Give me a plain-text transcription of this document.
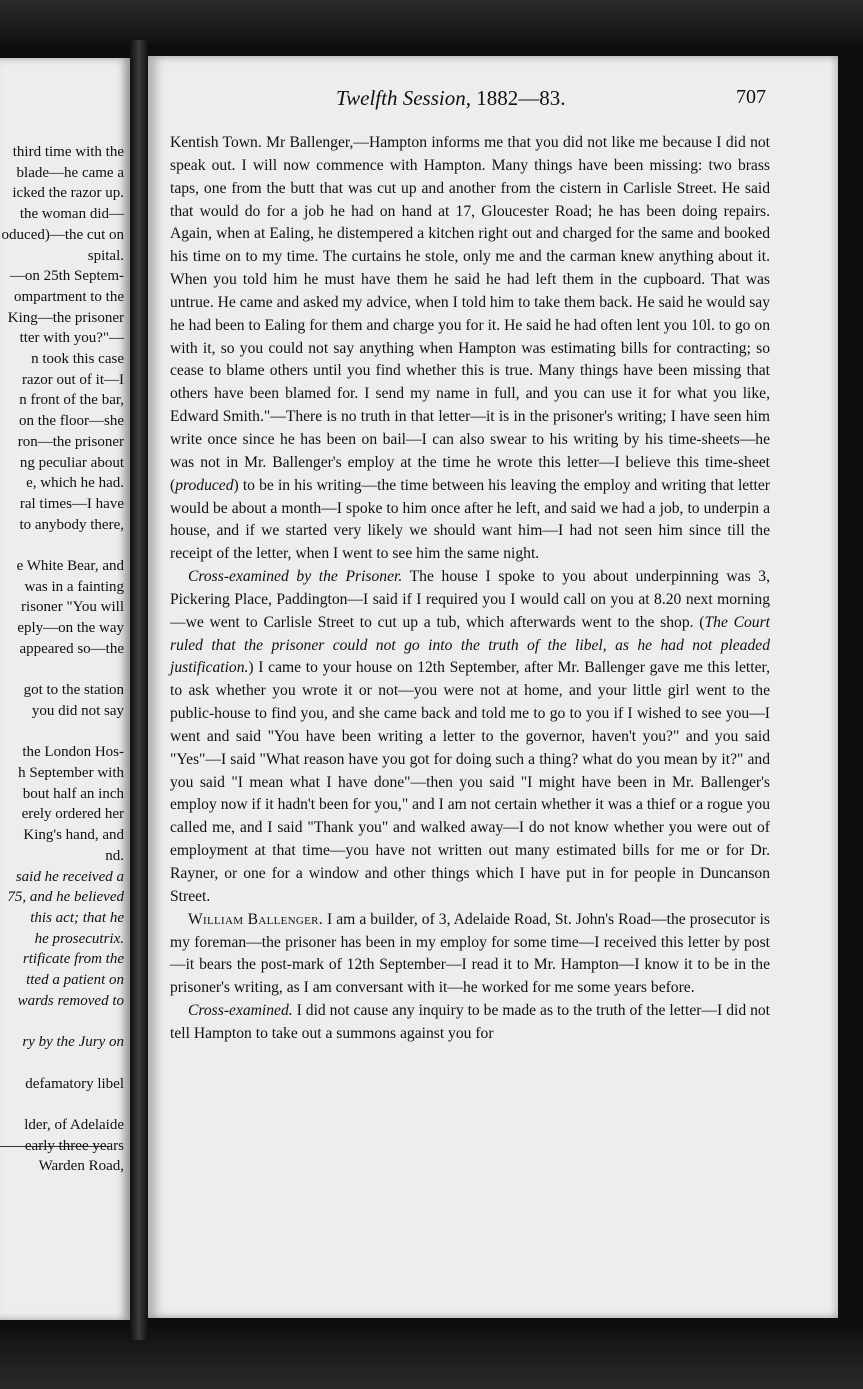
third time with the
blade—he came a
icked the razor up.
the woman did—
oduced)—the cut on
spital.
—on 25th Septem-
ompartment to the
King—the prisoner
tter with you?"—
n took this case
razor out of it—I
n front of the bar,
on the floor—she
ron—the prisoner
ng peculiar about
e, which he had.
ral times—I have
to anybody there,
e White Bear, and
was in a fainting
risoner "You will
eply—on the way
appeared so—the
got to the station
you did not say
the London Hos-
h September with
bout half an inch
erely ordered her
King's hand, and
nd.
said he received a
75, and he believed
this act; that he
he prosecutrix.
rtificate from the
tted a patient on
wards removed to
ry by the Jury on
defamatory libel
lder, of Adelaide
early three years
Warden Road,
Twelfth Session, 1882—83.	707

Kentish Town. Mr Ballenger,—Hampton informs me that you did not like me because I did not speak out. I will now commence with Hampton. Many things have been missing: two brass taps, one from the butt that was cut up and another from the cistern in Carlisle Street. He said that would do for a job he had on hand at 17, Gloucester Road; he has been doing repairs. Again, when at Ealing, he distempered a kitchen right out and charged for the same and booked his time on to my time. The curtains he stole, only me and the carman knew anything about it. When you told him he must have them he said he had left them in the cupboard. That was untrue. He came and asked my advice, when I told him to take them back. He said he would say he had been to Ealing for them and charge you for it. He said he had often lent you 10l. to go on with it, so you could not say anything when Hampton was estimating bills for contracting; so cease to blame others until you find whether this is true. Many things have been missing that others have been blamed for. I send my name in full, and you can use it for what you like, Edward Smith."—There is no truth in that letter—it is in the prisoner's writing; I have seen him write once since he has been on bail—I can also swear to his writing by his time-sheets—he was not in Mr. Ballenger's employ at the time he wrote this letter—I believe this time-sheet (produced) to be in his writing—the time between his leaving the employ and writing that letter would be about a month—I spoke to him once after he left, and said we had a job, to underpin a house, and if we started very likely we should want him—I had not seen him since till the receipt of the letter, when I went to see him the same night.

Cross-examined by the Prisoner. The house I spoke to you about underpinning was 3, Pickering Place, Paddington—I said if I required you I would call on you at 8.20 next morning—we went to Carlisle Street to cut up a tub, which afterwards went to the shop. (The Court ruled that the prisoner could not go into the truth of the libel, as he had not pleaded justification.) I came to your house on 12th September, after Mr. Ballenger gave me this letter, to ask whether you wrote it or not—you were not at home, and your little girl went to the public-house to find you, and she came back and told me to go to you if I wished to see you—I went and said "You have been writing a letter to the governor, haven't you?" and you said "Yes"—I said "What reason have you got for doing such a thing? what do you mean by it?" and you said "I mean what I have done"—then you said "I might have been in Mr. Ballenger's employ now if it hadn't been for you," and I am not certain whether it was a thief or a rogue you called me, and I said "Thank you" and walked away—I do not know whether you were out of employment at that time—you have not written out many estimated bills for me or for Dr. Rayner, or one for a window and other things which I have put in for people in Duncanson Street.

William Ballenger. I am a builder, of 3, Adelaide Road, St. John's Road—the prosecutor is my foreman—the prisoner has been in my employ for some time—I received this letter by post—it bears the post-mark of 12th September—I read it to Mr. Hampton—I know it to be in the prisoner's writing, as I am conversant with it—he worked for me some years before.

Cross-examined. I did not cause any inquiry to be made as to the truth of the letter—I did not tell Hampton to take out a summons against you for
